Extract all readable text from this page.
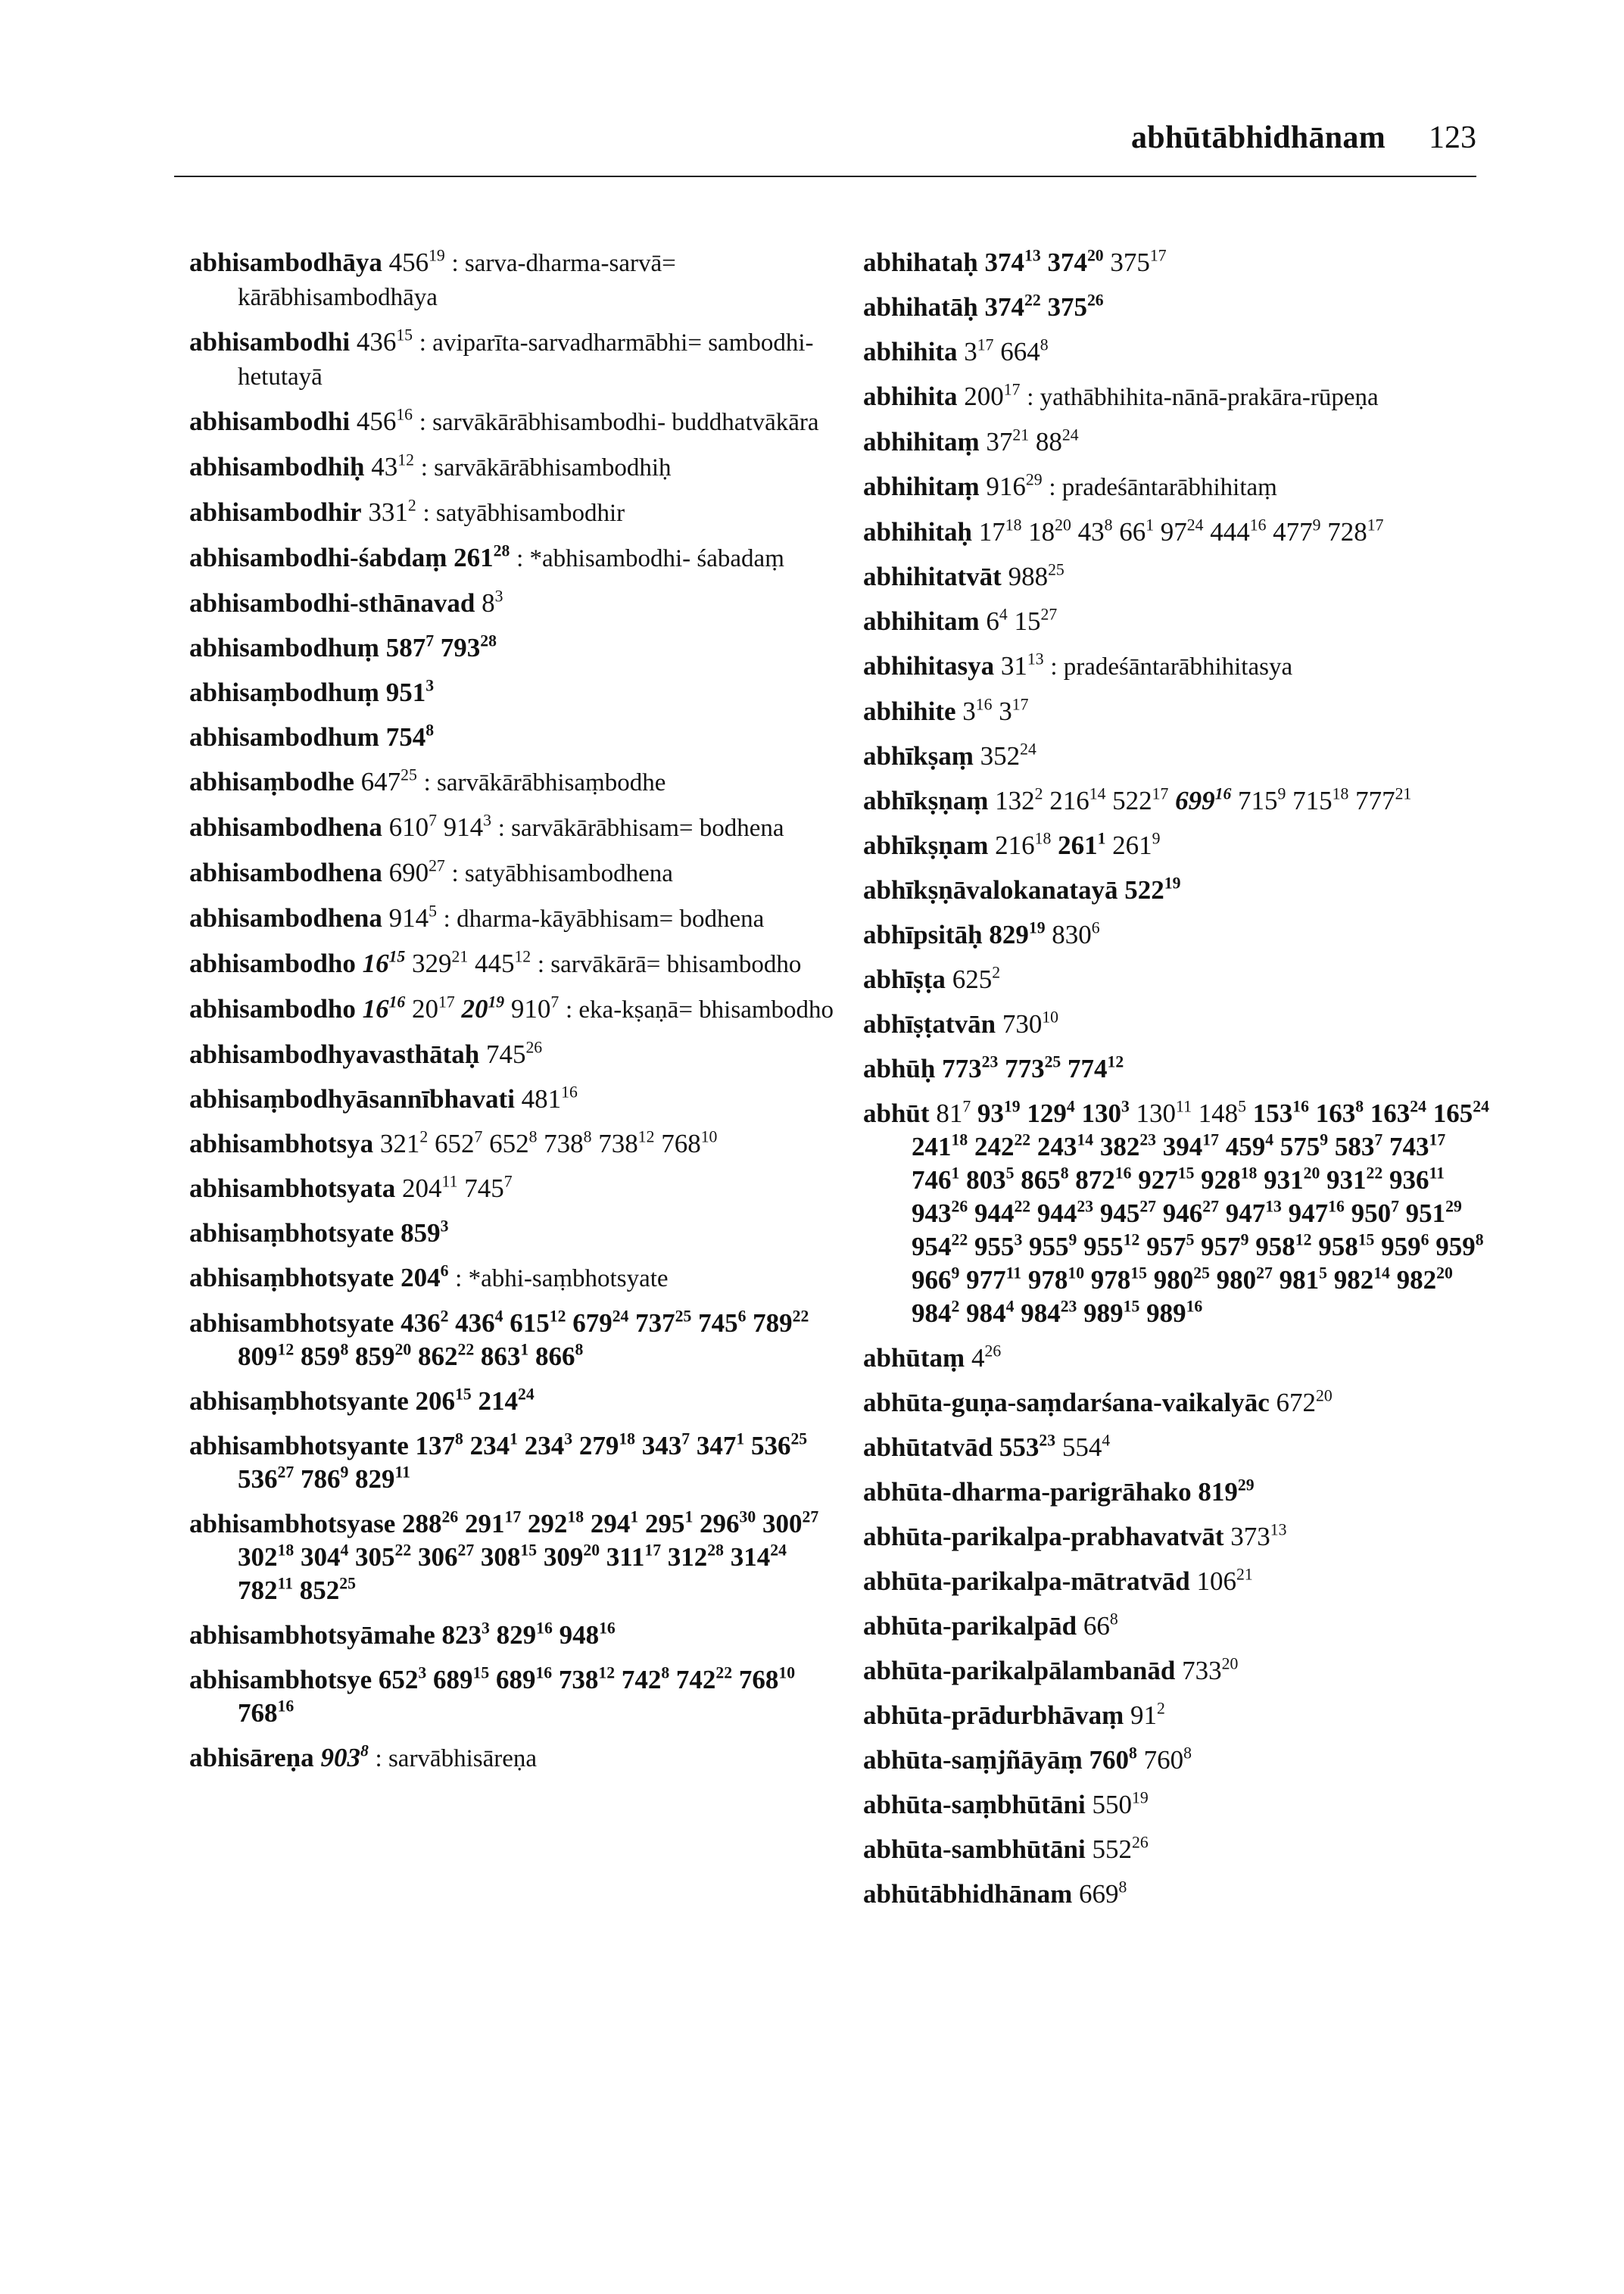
abhūtābhidhānam 123
abhisambodhāya $456^{19}$ : sarva-dharma-sarvā= kārābhisambodhāya
abhisambodhi $436^{15}$ : aviparīta-sarvadharmābhi= sambodhi-hetutayā
abhisambodhi $456^{16}$ : sarvākārābhisambodhi- buddhatvākāra
abhisambodhiḥ $43^{12}$ : sarvākārābhisambodhiḥ
abhisambodhir $331^2$ : satyābhisambodhir
abhisambodhi-śabdaṃ $261^{28}$ : *abhisambodhi- śabadaṃ
abhisambodhi-sthānavad $8^3$
abhisambodhuṃ $587^7$ $793^{28}$
abhisaṃbodhuṃ $951^3$
abhisambodhum $754^8$
abhisaṃbodhe $647^{25}$ : sarvākārābhisaṃbodhe
abhisambodhena $610^7$ $914^3$ : sarvākārābhisam= bodhena
abhisambodhena $690^{27}$ : satyābhisambodhena
abhisambodhena $914^5$ : dharma-kāyābhisam= bodhena
abhisambodho $16^{15}$ $329^{21}$ $445^{12}$ : sarvākārā= bhisambodho
abhisambodho $16^{16}$ $20^{17}$ $20^{19}$ $910^7$ : eka-kṣaṇā= bhisambodho
abhisambodhyavasthātaḥ $745^{26}$
abhisaṃbodhyāsannībhavati $481^{16}$
abhisambhotsya $321^2$ $652^7$ $652^8$ $738^8$ $738^{12}$ $768^{10}$
abhisambhotsyata $204^{11}$ $745^7$
abhisaṃbhotsyate $859^3$
abhisaṃbhotsyate $204^6$ : *abhi-saṃbhotsyate
abhisambhotsyate $436^2$ $436^4$ $615^{12}$ $679^{24}$ $737^{25}$ $745^6$ $789^{22}$ $809^{12}$ $859^8$ $859^{20}$ $862^{22}$ $863^1$ $866^8$
abhisaṃbhotsyante $206^{15}$ $214^{24}$
abhisambhotsyante $137^8$ $234^1$ $234^3$ $279^{18}$ $343^7$ $347^1$ $536^{25}$ $536^{27}$ $786^9$ $829^{11}$
abhisambhotsyase $288^{26}$ $291^{17}$ $292^{18}$ $294^1$ $295^1$ $296^{30}$ $300^{27}$ $302^{18}$ $304^4$ $305^{22}$ $306^{27}$ $308^{15}$ $309^{20}$ $311^{17}$ $312^{28}$ $314^{24}$ $782^{11}$ $852^{25}$
abhisambhotsyāmahe $823^3$ $829^{16}$ $948^{16}$
abhisambhotsye $652^3$ $689^{15}$ $689^{16}$ $738^{12}$ $742^8$ $742^{22}$ $768^{10}$ $768^{16}$
abhisāreṇa $903^8$ : sarvābhisāreṇa
abhihataḥ $374^{13}$ $374^{20}$ $375^{17}$
abhihatāḥ $374^{22}$ $375^{26}$
abhihita $3^{17}$ $664^8$
abhihita $200^{17}$ : yathābhihita-nānā-prakāra-rūpeṇa
abhihitaṃ $37^{21}$ $88^{24}$
abhihitaṃ $916^{29}$ : pradeśāntarābhihitaṃ
abhihitaḥ $17^{18}$ $18^{20}$ $43^8$ $66^1$ $97^{24}$ $444^{16}$ $477^9$ $728^{17}$
abhihitatvāt $988^{25}$
abhihitam $6^4$ $15^{27}$
abhihitasya $31^{13}$ : pradeśāntarābhihitasya
abhihite $3^{16}$ $3^{17}$
abhīkṣaṃ $352^{24}$
abhīkṣṇaṃ $132^2$ $216^{14}$ $522^{17}$ $699^{16}$ $715^9$ $715^{18}$ $777^{21}$
abhīkṣṇam $216^{18}$ $261^1$ $261^9$
abhīkṣṇāvalokanatayā $522^{19}$
abhīpsitāḥ $829^{19}$ $830^6$
abhīṣṭa $625^2$
abhīṣṭatvān $730^{10}$
abhūḥ $773^{23}$ $773^{25}$ $774^{12}$
abhūt $81^7$ $93^{19}$ $129^4$ $130^3$ $130^{11}$ $148^5$ $153^{16}$ $163^8$ $163^{24}$ $165^{24}$ $241^{18}$ $242^{22}$ $243^{14}$ $382^{23}$ $394^{17}$ $459^4$ $575^9$ $583^7$ $743^{17}$ $746^1$ $803^5$ $865^8$ $872^{16}$ $927^{15}$ $928^{18}$ $931^{20}$ $931^{22}$ $936^{11}$ $943^{26}$ $944^{22}$ $944^{23}$ $945^{27}$ $946^{27}$ $947^{13}$ $947^{16}$ $950^7$ $951^{29}$ $954^{22}$ $955^3$ $955^9$ $955^{12}$ $957^5$ $957^9$ $958^{12}$ $958^{15}$ $959^6$ $959^8$ $966^9$ $977^{11}$ $978^{10}$ $978^{15}$ $980^{25}$ $980^{27}$ $981^5$ $982^{14}$ $982^{20}$ $984^2$ $984^4$ $984^{23}$ $989^{15}$ $989^{16}$
abhūtaṃ $4^{26}$
abhūta-guṇa-saṃdarśana-vaikalyāc $672^{20}$
abhūtatvād $553^{23}$ $554^4$
abhūta-dharma-parigrāhako $819^{29}$
abhūta-parikalpa-prabhavatvāt $373^{13}$
abhūta-parikalpa-mātratvād $106^{21}$
abhūta-parikalpād $66^8$
abhūta-parikalpālambanād $733^{20}$
abhūta-prādurbhāvaṃ $91^2$
abhūta-saṃjñāyāṃ $760^8$ $760^8$
abhūta-saṃbhūtāni $550^{19}$
abhūta-sambhūtāni $552^{26}$
abhūtābhidhānam $669^8$
